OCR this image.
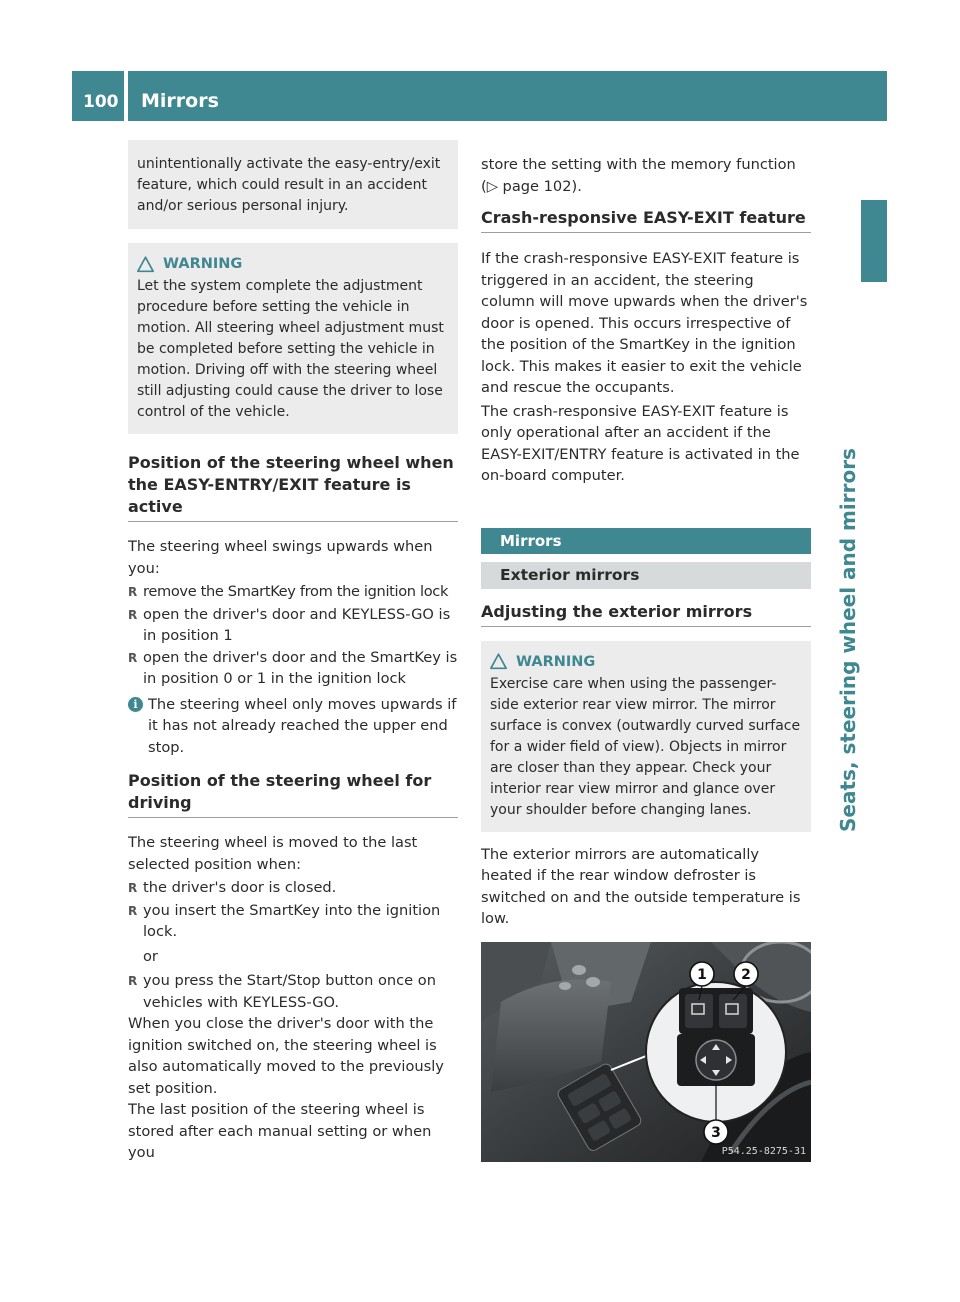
100 Mirrors
Seats, steering wheel and mirrors

unintentionally activate the easy-entry/exit feature, which could result in an accident and/or serious personal injury.

WARNING

Let the system complete the adjustment procedure before setting the vehicle in motion. All steering wheel adjustment must be completed before setting the vehicle in motion. Driving off with the steering wheel still adjusting could cause the driver to lose control of the vehicle.

Position of the steering wheel when the EASY-ENTRY/EXIT feature is active

The steering wheel swings upwards when you:

R remove the SmartKey from the ignition lock
R open the driver's door and KEYLESS-GO is in position 1
R open the driver's door and the SmartKey is in position 0 or 1 in the ignition lock
i The steering wheel only moves upwards if it has not already reached the upper end stop.
Position of the steering wheel for driving

The steering wheel is moved to the last selected position when:

R the driver's door is closed.
R you insert the SmartKey into the ignition lock.

or

R you press the Start/Stop button once on vehicles with KEYLESS-GO.

When you close the driver's door with the ignition switched on, the steering wheel is also automatically moved to the previously set position.

The last position of the steering wheel is stored after each manual setting or when you

store the setting with the memory function (▷ page 102).

Crash-responsive EASY-EXIT feature

If the crash-responsive EASY-EXIT feature is triggered in an accident, the steering column will move upwards when the driver's door is opened. This occurs irrespective of the position of the SmartKey in the ignition lock. This makes it easier to exit the vehicle and rescue the occupants.

The crash-responsive EASY-EXIT feature is only operational after an accident if the EASY-EXIT/ENTRY feature is activated in the on-board computer.

Mirrors
Exterior mirrors
Adjusting the exterior mirrors
WARNING

Exercise care when using the passenger-side exterior rear view mirror. The mirror surface is convex (outwardly curved surface for a wider field of view). Objects in mirror are closer than they appear. Check your interior rear view mirror and glance over your shoulder before changing lanes.

The exterior mirrors are automatically heated if the rear window defroster is switched on and the outside temperature is low.

1 2
3
P54.25-8275-31
